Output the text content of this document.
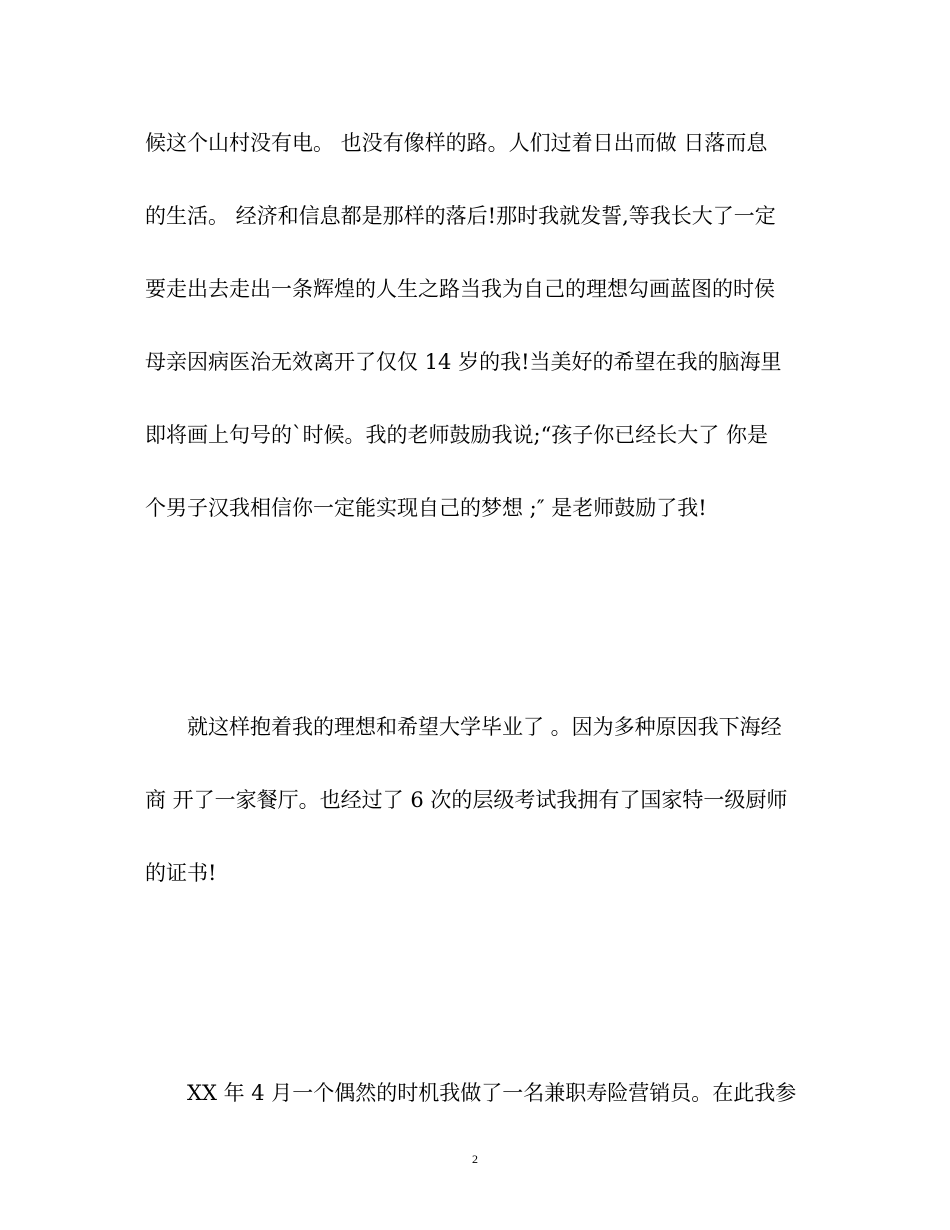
候这个山村没有电。 也没有像样的路。人们过着日出而做 日落而息
的生活。 经济和信息都是那样的落后!那时我就发誓,等我长大了一定
要走出去走出一条辉煌的人生之路当我为自己的理想勾画蓝图的时侯
母亲因病医治无效离开了仅仅 14 岁的我!当美好的希望在我的脑海里
即将画上句号的`时候。我的老师鼓励我说;“孩子你已经长大了 你是
个男子汉我相信你一定能实现自己的梦想 ;″ 是老师鼓励了我!
就这样抱着我的理想和希望大学毕业了 。因为多种原因我下海经
商 开了一家餐厅。也经过了 6 次的层级考试我拥有了国家特一级厨师
的证书!
XX 年 4 月一个偶然的时机我做了一名兼职寿险营销员。在此我参
2
